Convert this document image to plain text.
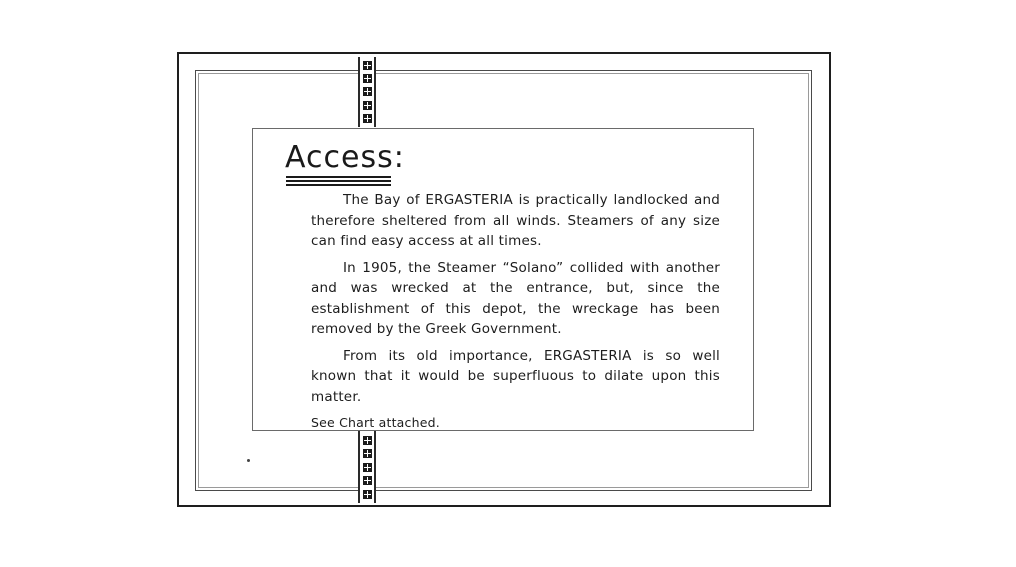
Access:

The Bay of ERGASTERIA is practically landlocked and therefore sheltered from all winds. Steamers of any size can find easy access at all times.

In 1905, the Steamer “Solano” collided with another and was wrecked at the entrance, but, since the establishment of this depot, the wreckage has been removed by the Greek Government.

From its old importance, ERGASTERIA is so well known that it would be superfluous to dilate upon this matter.

See Chart attached.
